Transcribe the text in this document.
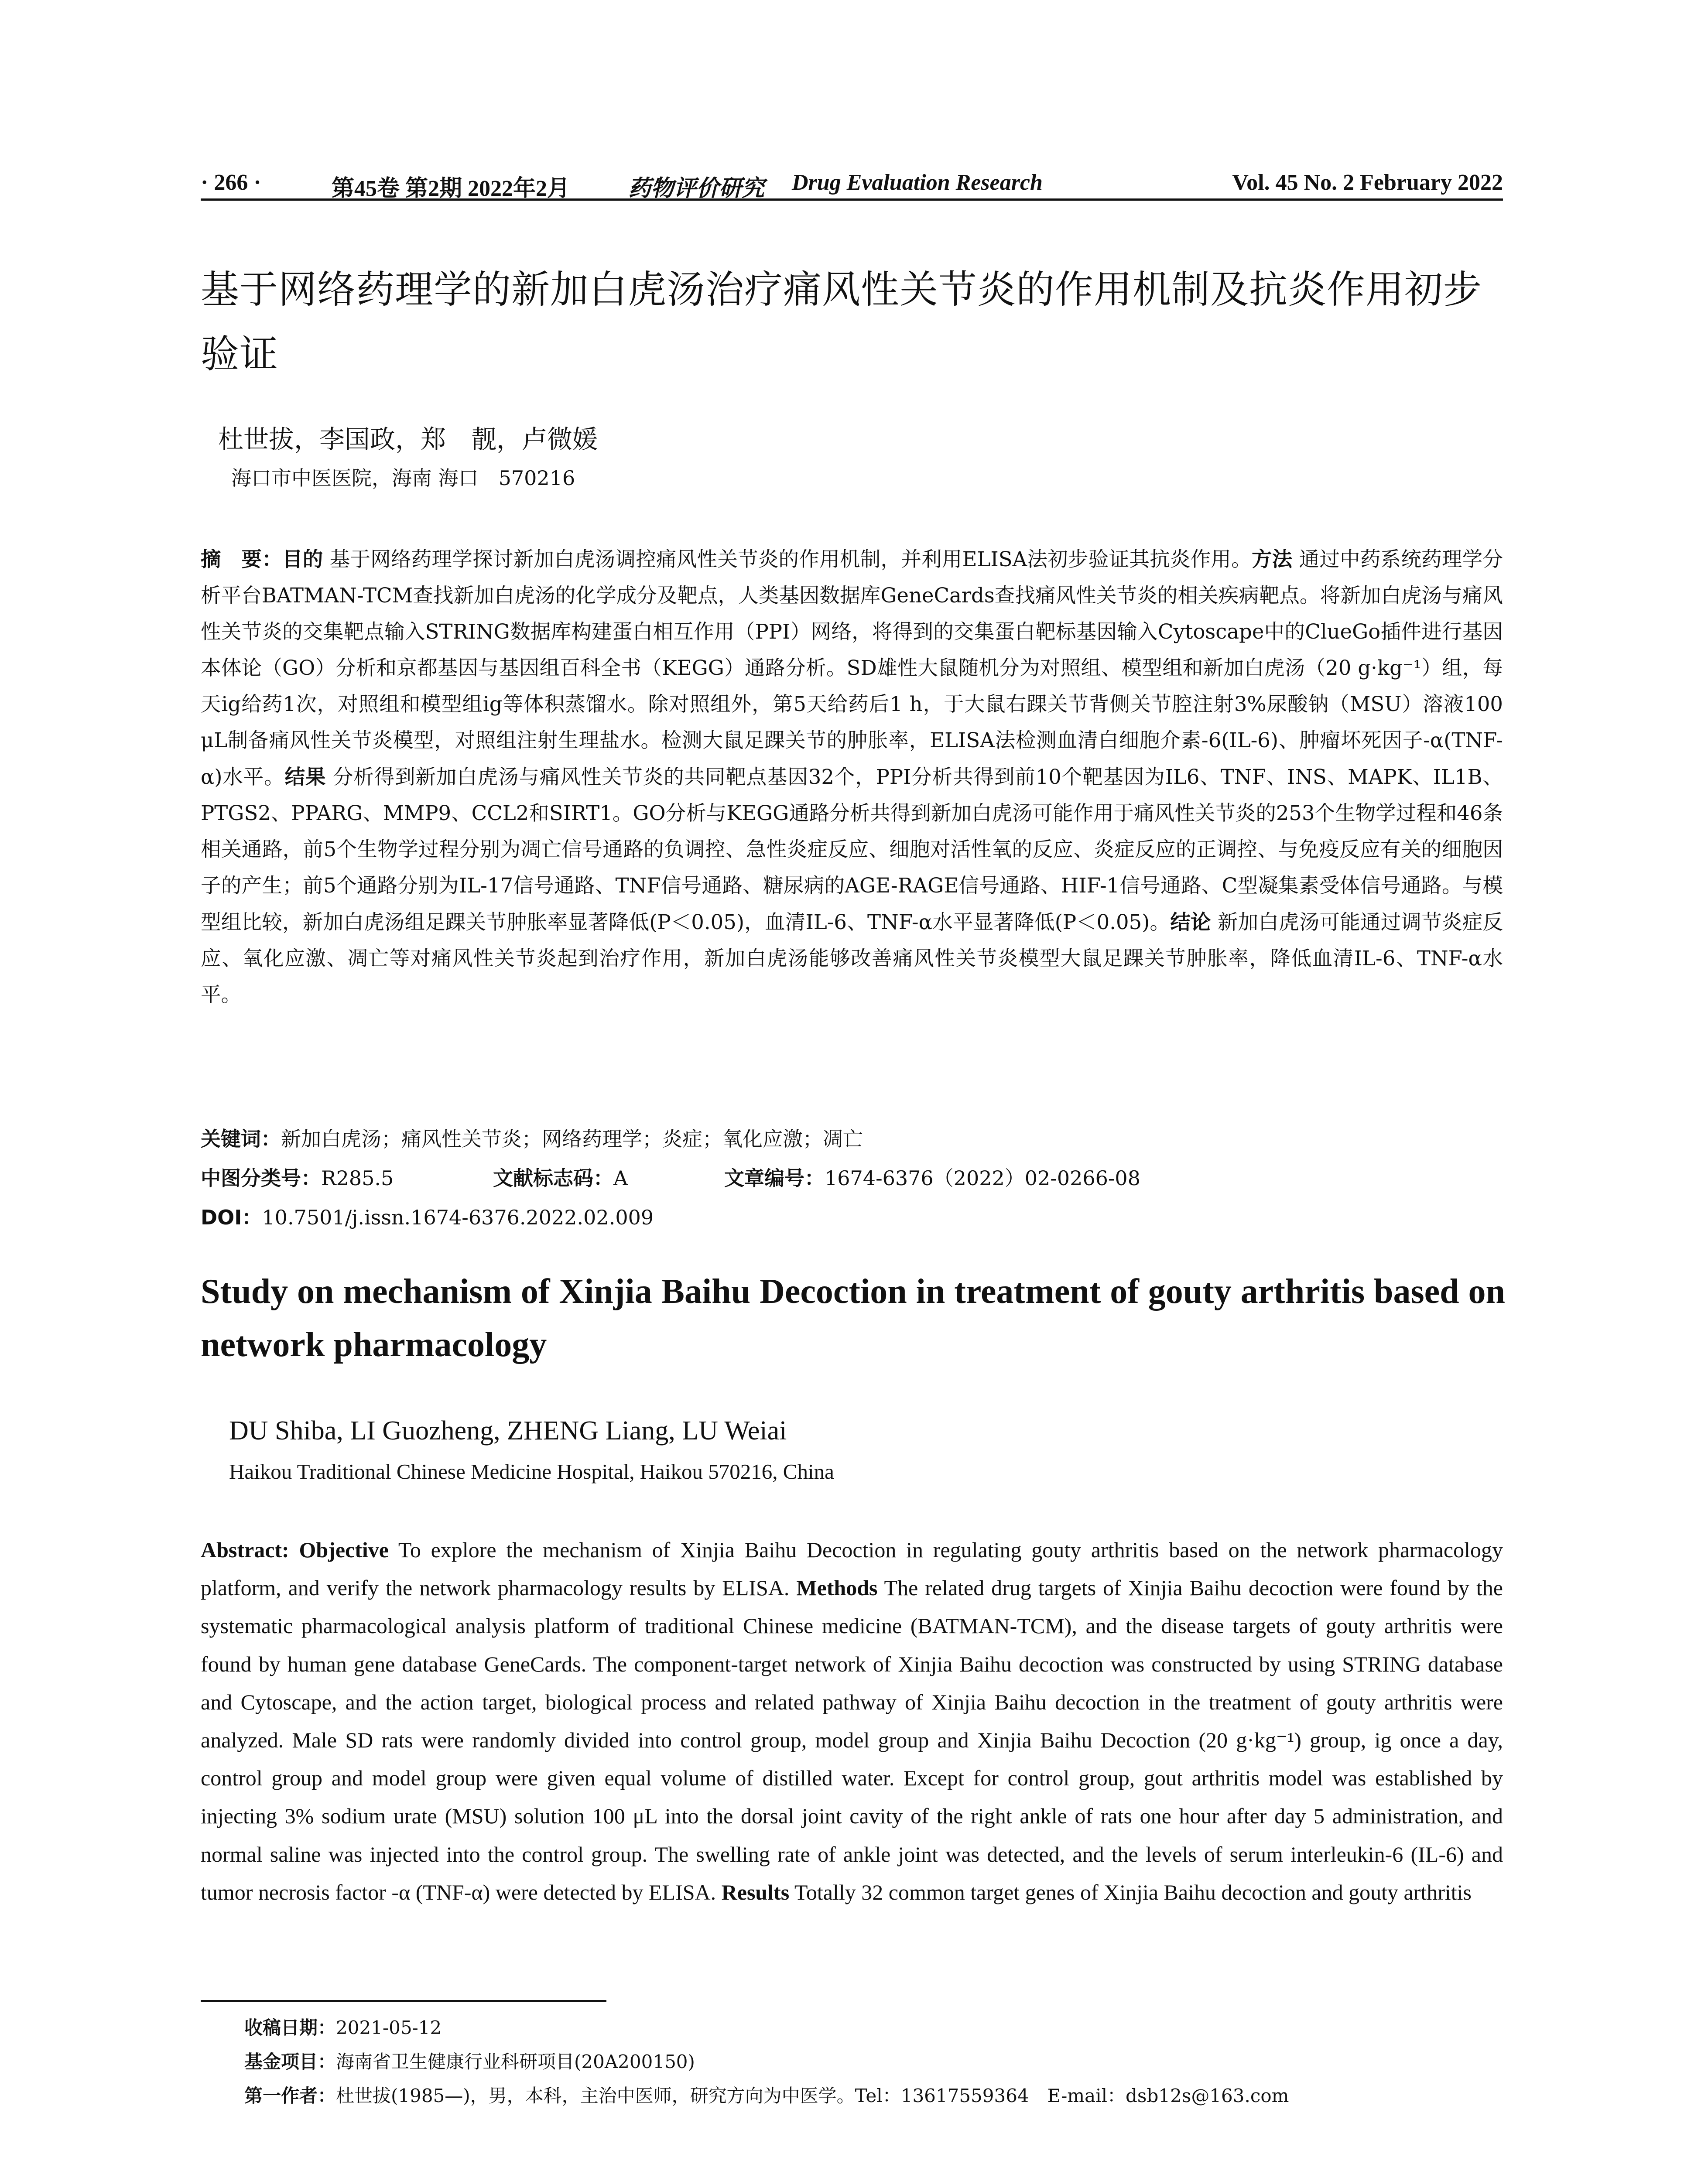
· 266 ·	第45卷 第2期 2022年2月	药物评价研究 Drug Evaluation Research	Vol. 45 No. 2 February 2022
基于网络药理学的新加白虎汤治疗痛风性关节炎的作用机制及抗炎作用初步验证
杜世拔，李国政，郑　靓，卢微媛
海口市中医医院，海南 海口　570216
摘　要：目的 基于网络药理学探讨新加白虎汤调控痛风性关节炎的作用机制，并利用ELISA法初步验证其抗炎作用。方法 通过中药系统药理学分析平台BATMAN-TCM查找新加白虎汤的化学成分及靶点，人类基因数据库GeneCards查找痛风性关节炎的相关疾病靶点。将新加白虎汤与痛风性关节炎的交集靶点输入STRING数据库构建蛋白相互作用（PPI）网络，将得到的交集蛋白靶标基因输入Cytoscape中的ClueGo插件进行基因本体论（GO）分析和京都基因与基因组百科全书（KEGG）通路分析。SD雄性大鼠随机分为对照组、模型组和新加白虎汤（20 g·kg⁻¹）组，每天ig给药1次，对照组和模型组ig等体积蒸馏水。除对照组外，第5天给药后1 h，于大鼠右踝关节背侧关节腔注射3%尿酸钠（MSU）溶液100 μL制备痛风性关节炎模型，对照组注射生理盐水。检测大鼠足踝关节的肿胀率，ELISA法检测血清白细胞介素-6(IL-6)、肿瘤坏死因子-α(TNF-α)水平。结果 分析得到新加白虎汤与痛风性关节炎的共同靶点基因32个，PPI分析共得到前10个靶基因为IL6、TNF、INS、MAPK、IL1B、PTGS2、PPARG、MMP9、CCL2和SIRT1。GO分析与KEGG通路分析共得到新加白虎汤可能作用于痛风性关节炎的253个生物学过程和46条相关通路，前5个生物学过程分别为凋亡信号通路的负调控、急性炎症反应、细胞对活性氧的反应、炎症反应的正调控、与免疫反应有关的细胞因子的产生；前5个通路分别为IL-17信号通路、TNF信号通路、糖尿病的AGE-RAGE信号通路、HIF-1信号通路、C型凝集素受体信号通路。与模型组比较，新加白虎汤组足踝关节肿胀率显著降低(P＜0.05)，血清IL-6、TNF-α水平显著降低(P＜0.05)。结论 新加白虎汤可能通过调节炎症反应、氧化应激、凋亡等对痛风性关节炎起到治疗作用，新加白虎汤能够改善痛风性关节炎模型大鼠足踝关节肿胀率，降低血清IL-6、TNF-α水平。
关键词：新加白虎汤；痛风性关节炎；网络药理学；炎症；氧化应激；凋亡
中图分类号：R285.5	文献标志码：A	文章编号：1674-6376（2022）02-0266-08
DOI：10.7501/j.issn.1674-6376.2022.02.009
Study on mechanism of Xinjia Baihu Decoction in treatment of gouty arthritis based on network pharmacology
DU Shiba, LI Guozheng, ZHENG Liang, LU Weiai
Haikou Traditional Chinese Medicine Hospital, Haikou 570216, China
Abstract: Objective To explore the mechanism of Xinjia Baihu Decoction in regulating gouty arthritis based on the network pharmacology platform, and verify the network pharmacology results by ELISA. Methods The related drug targets of Xinjia Baihu decoction were found by the systematic pharmacological analysis platform of traditional Chinese medicine (BATMAN-TCM), and the disease targets of gouty arthritis were found by human gene database GeneCards. The component-target network of Xinjia Baihu decoction was constructed by using STRING database and Cytoscape, and the action target, biological process and related pathway of Xinjia Baihu decoction in the treatment of gouty arthritis were analyzed. Male SD rats were randomly divided into control group, model group and Xinjia Baihu Decoction (20 g·kg⁻¹) group, ig once a day, control group and model group were given equal volume of distilled water. Except for control group, gout arthritis model was established by injecting 3% sodium urate (MSU) solution 100 μL into the dorsal joint cavity of the right ankle of rats one hour after day 5 administration, and normal saline was injected into the control group. The swelling rate of ankle joint was detected, and the levels of serum interleukin-6 (IL-6) and tumor necrosis factor -α (TNF-α) were detected by ELISA. Results Totally 32 common target genes of Xinjia Baihu decoction and gouty arthritis
收稿日期：2021-05-12
基金项目：海南省卫生健康行业科研项目(20A200150)
第一作者：杜世拔(1985—)，男，本科，主治中医师，研究方向为中医学。Tel：13617559364　E-mail：dsb12s@163.com
